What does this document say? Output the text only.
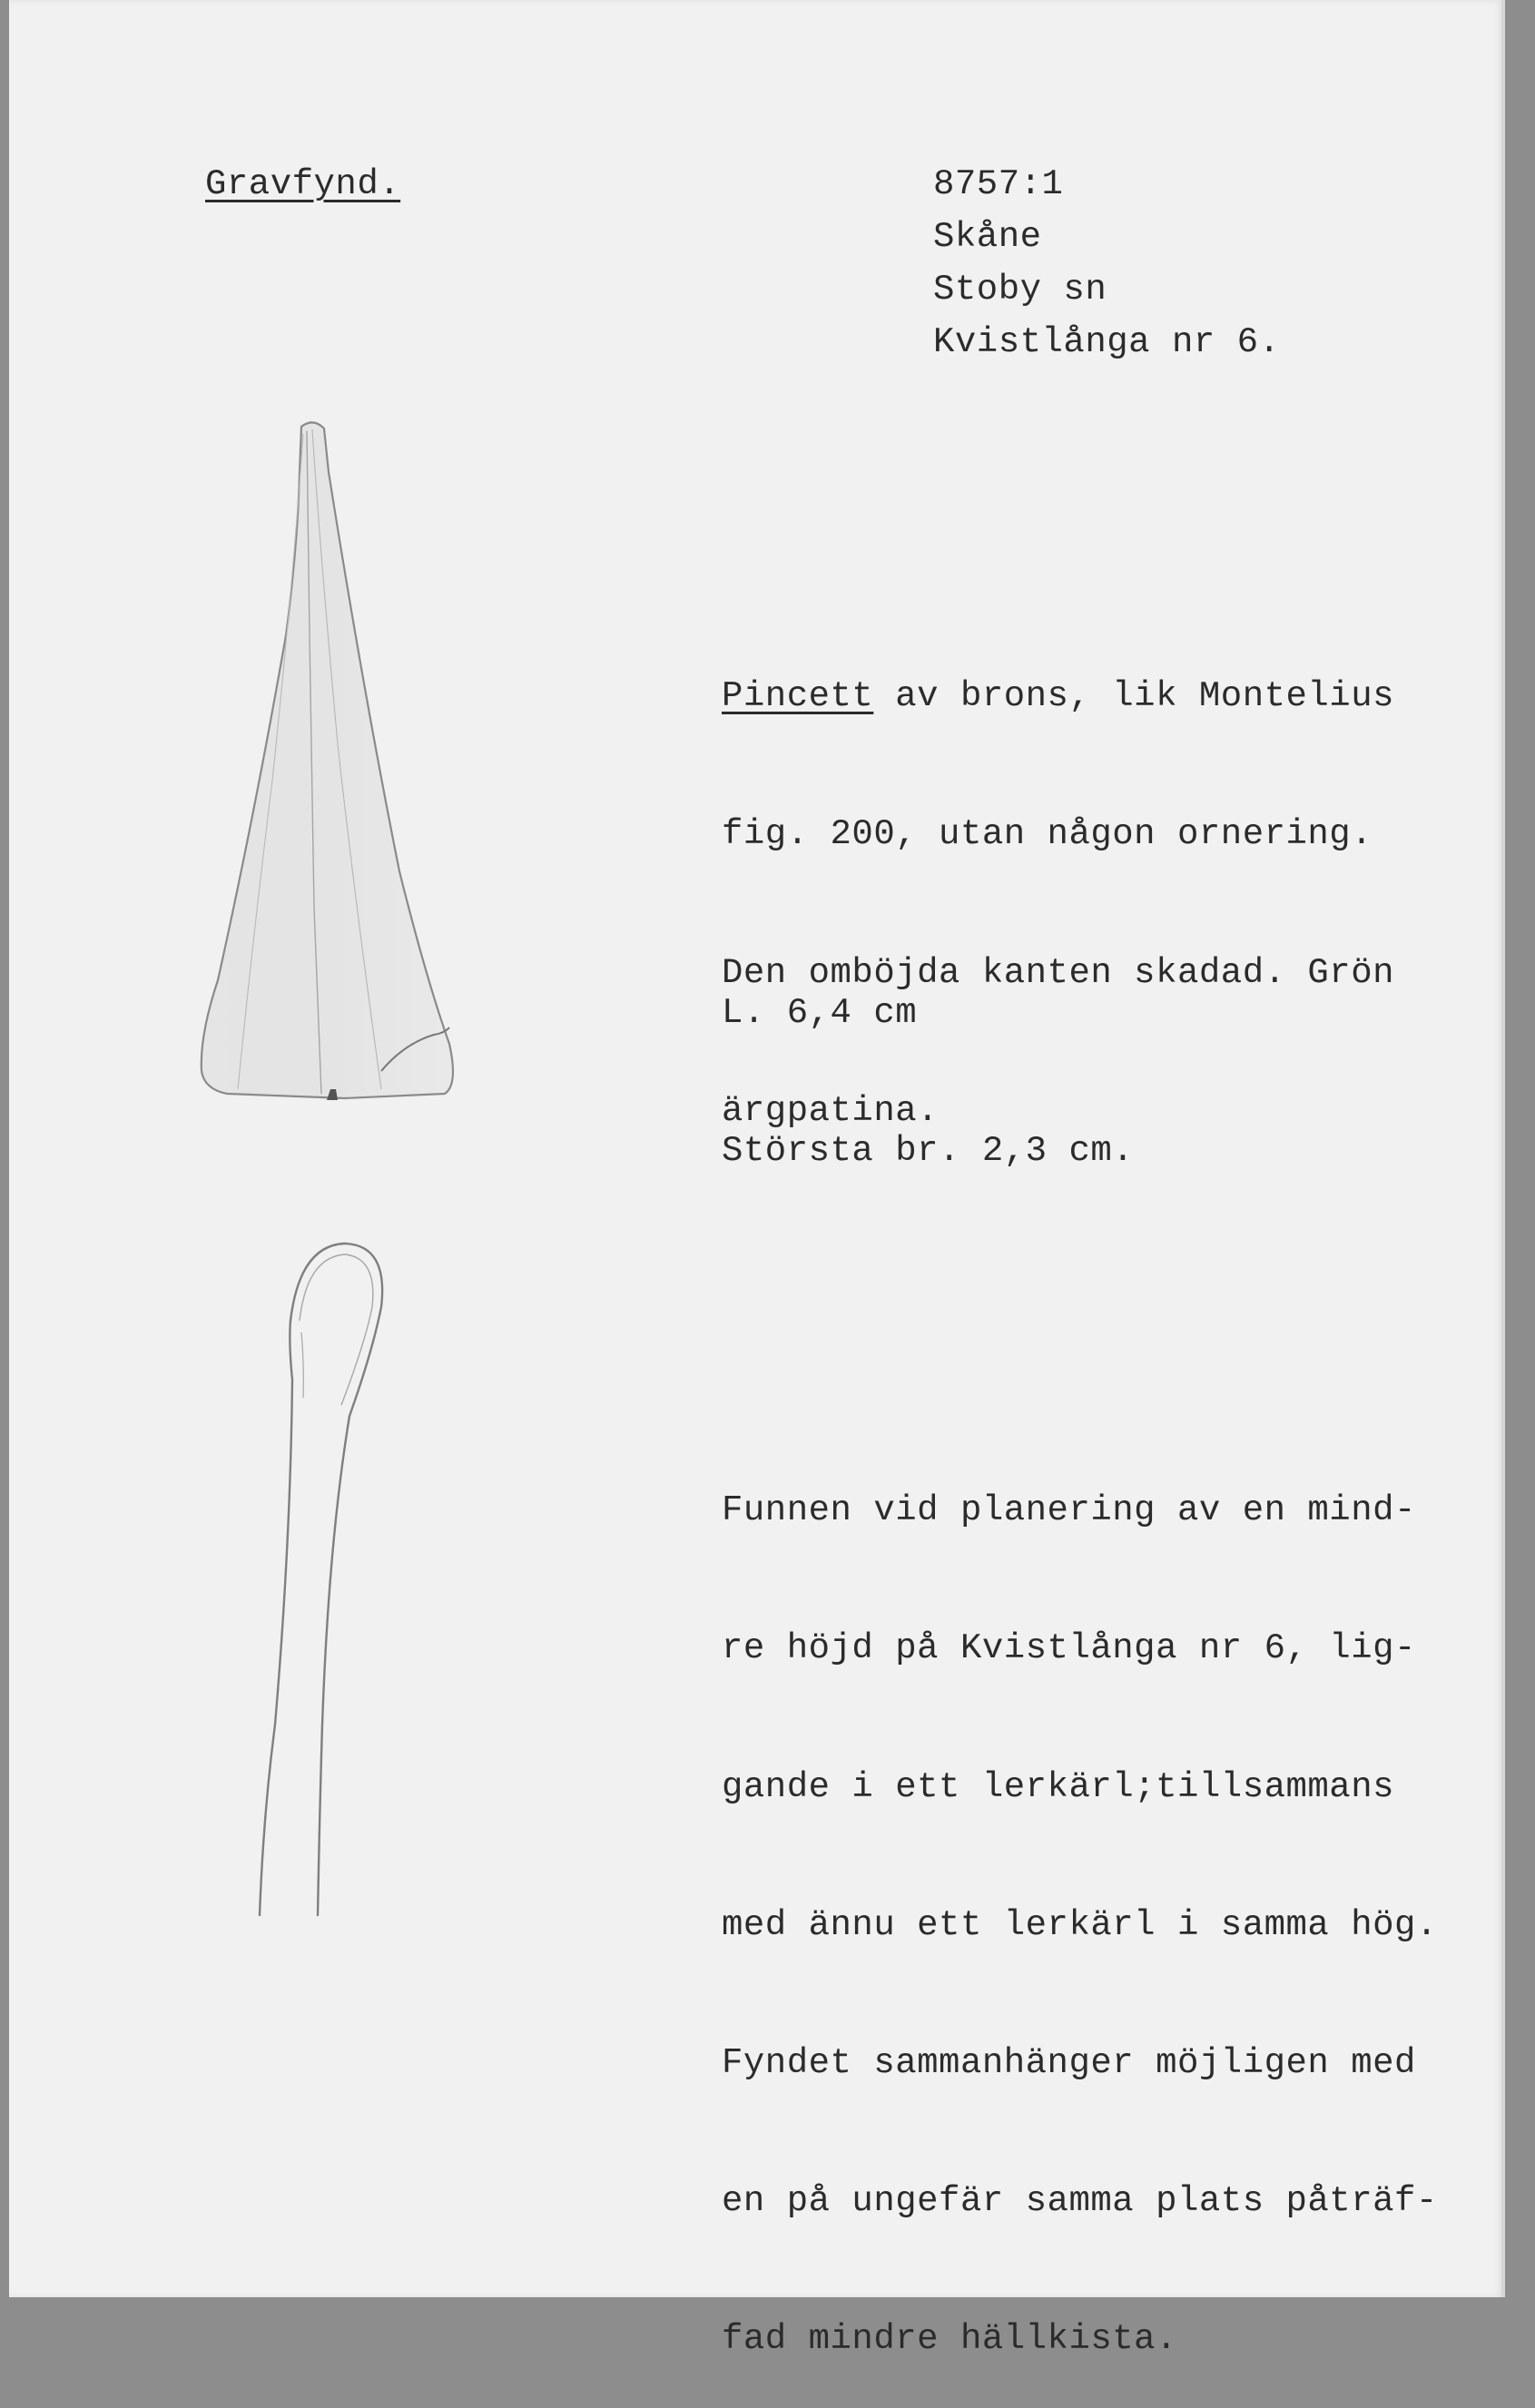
Gravfynd.	8757:1
Skåne
Stoby sn
Kvistlånga nr 6.

Pincett av brons, lik Montelius

fig. 200, utan någon ornering.

Den omböjda kanten skadad. Grön

ärgpatina.

L. 6,4 cm

Största br. 2,3 cm.

Funnen vid planering av en mind-

re höjd på Kvistlånga nr 6, lig-

gande i ett lerkärl;tillsammans

med ännu ett lerkärl i samma hög.

Fyndet sammanhänger möjligen med

en på ungefär samma plats påträf-

fad mindre hällkista.
